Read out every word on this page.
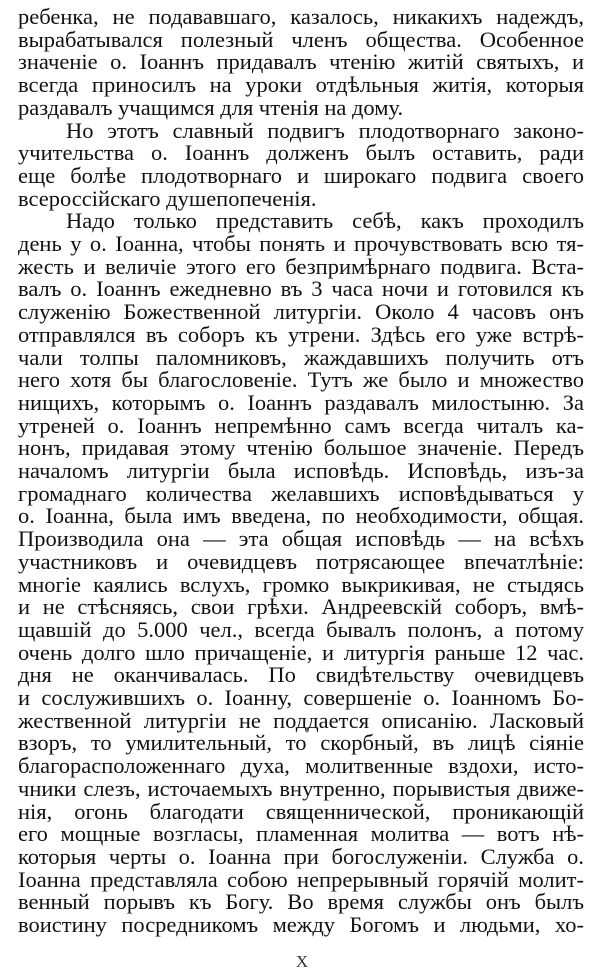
ребенка, не подававшаго, казалось, никакихъ надеждъ,
вырабатывался полезный членъ общества. Особенное
значеніе о. Іоаннъ придавалъ чтенію житій святыхъ, и
всегда приносилъ на уроки отдѣльныя житія, которыя
раздавалъ учащимся для чтенія на дому.
Но этотъ славный подвигъ плодотворнаго законо-
учительства о. Іоаннъ долженъ былъ оставить, ради
еще болѣе плодотворнаго и широкаго подвига своего
всероссійскаго душепопеченія.
Надо только представить себѣ, какъ проходилъ
день у о. Іоанна, чтобы понять и прочувствовать всю тя-
жесть и величіе этого его безпримѣрнаго подвига. Вста-
валъ о. Іоаннъ ежедневно въ 3 часа ночи и готовился къ
служенію Божественной литургіи. Около 4 часовъ онъ
отправлялся въ соборъ къ утрени. Здѣсь его уже встрѣ-
чали толпы паломниковъ, жаждавшихъ получить отъ
него хотя бы благословеніе. Тутъ же было и множество
нищихъ, которымъ о. Іоаннъ раздавалъ милостыню. За
утреней о. Іоаннъ непремѣнно самъ всегда читалъ ка-
нонъ, придавая этому чтенію большое значеніе. Передъ
началомъ литургіи была исповѣдь. Исповѣдь, изъ-за
громаднаго количества желавшихъ исповѣдываться у
о. Іоанна, была имъ введена, по необходимости, общая.
Производила она — эта общая исповѣдь — на всѣхъ
участниковъ и очевидцевъ потрясающее впечатлѣніе:
многіе каялись вслухъ, громко выкрикивая, не стыдясь
и не стѣсняясь, свои грѣхи. Андреевскій соборъ, вмѣ-
щавшій до 5.000 чел., всегда бывалъ полонъ, а потому
очень долго шло причащеніе, и литургія раньше 12 час.
дня не оканчивалась. По свидѣтельству очевидцевъ
и сослужившихъ о. Іоанну, совершеніе о. Іоанномъ Бо-
жественной литургіи не поддается описанію. Ласковый
взоръ, то умилительный, то скорбный, въ лицѣ сіяніе
благорасположеннаго духа, молитвенные вздохи, исто-
чники слезъ, источаемыхъ внутренно, порывистыя движе-
нія, огонь благодати священнической, проникающій
его мощные возгласы, пламенная молитва — вотъ нѣ-
которыя черты о. Іоанна при богослуженіи. Служба о.
Іоанна представляла собою непрерывный горячій молит-
венный порывъ къ Богу. Во время службы онъ былъ
воистину посредникомъ между Богомъ и людьми, хо-
X
